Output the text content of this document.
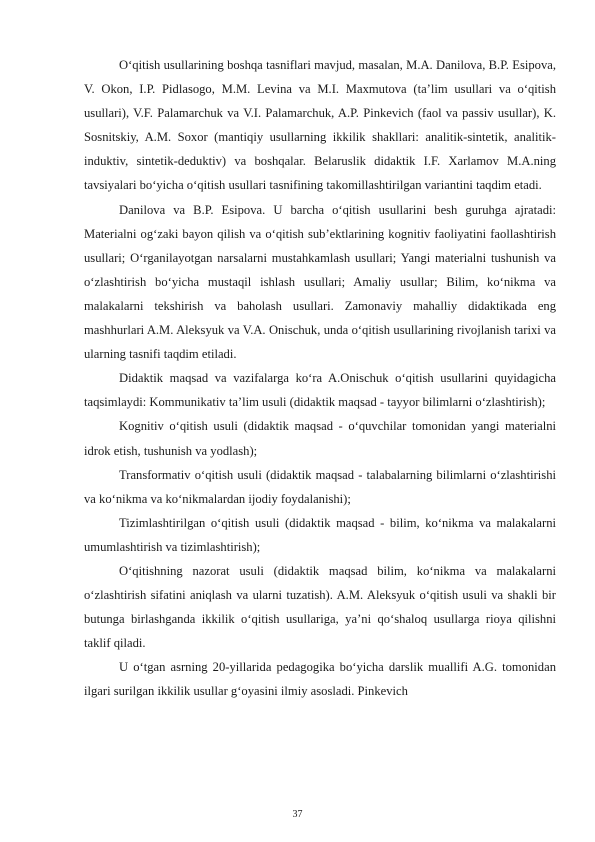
O‘qitish usullarining boshqa tasniflari mavjud, masalan, M.A. Danilova, B.P. Esipova, V. Okon, I.P. Pidlasogo, M.M. Levina va M.I. Maxmutova (ta’lim usullari va o‘qitish usullari), V.F. Palamarchuk va V.I. Palamarchuk, A.P. Pinkevich (faol va passiv usullar), K. Sosnitskiy, A.M. Soxor (mantiqiy usullarning ikkilik shakllari: analitik-sintetik, analitik-induktiv, sintetik-deduktiv) va boshqalar. Belaruslik didaktik I.F. Xarlamov M.A.ning tavsiyalari bo‘yicha o‘qitish usullari tasnifining takomillashtirilgan variantini taqdim etadi.

Danilova va B.P. Esipova. U barcha o‘qitish usullarini besh guruhga ajratadi: Materialni og‘zaki bayon qilish va o‘qitish sub’ektlarining kognitiv faoliyatini faollashtirish usullari; O‘rganilayotgan narsalarni mustahkamlash usullari; Yangi materialni tushunish va o‘zlashtirish bo‘yicha mustaqil ishlash usullari; Amaliy usullar; Bilim, ko‘nikma va malakalarni tekshirish va baholash usullari. Zamonaviy mahalliy didaktikada eng mashhurlari A.M. Aleksyuk va V.A. Onischuk, unda o‘qitish usullarining rivojlanish tarixi va ularning tasnifi taqdim etiladi.

Didaktik maqsad va vazifalarga ko‘ra A.Onischuk o‘qitish usullarini quyidagicha taqsimlaydi: Kommunikativ ta’lim usuli (didaktik maqsad - tayyor bilimlarni o‘zlashtirish);

Kognitiv o‘qitish usuli (didaktik maqsad - o‘quvchilar tomonidan yangi materialni idrok etish, tushunish va yodlash);

Transformativ o‘qitish usuli (didaktik maqsad - talabalarning bilimlarni o‘zlashtirishi va ko‘nikma va ko‘nikmalardan ijodiy foydalanishi);

Tizimlashtirilgan o‘qitish usuli (didaktik maqsad - bilim, ko‘nikma va malakalarni umumlashtirish va tizimlashtirish);

O‘qitishning nazorat usuli (didaktik maqsad bilim, ko‘nikma va malakalarni o‘zlashtirish sifatini aniqlash va ularni tuzatish). A.M. Aleksyuk o‘qitish usuli va shakli bir butunga birlashganda ikkilik o‘qitish usullariga, ya’ni qo‘shaloq usullarga rioya qilishni taklif qiladi.

U o‘tgan asrning 20-yillarida pedagogika bo‘yicha darslik muallifi A.G. tomonidan ilgari surilgan ikkilik usullar g‘oyasini ilmiy asosladi. Pinkevich

37
